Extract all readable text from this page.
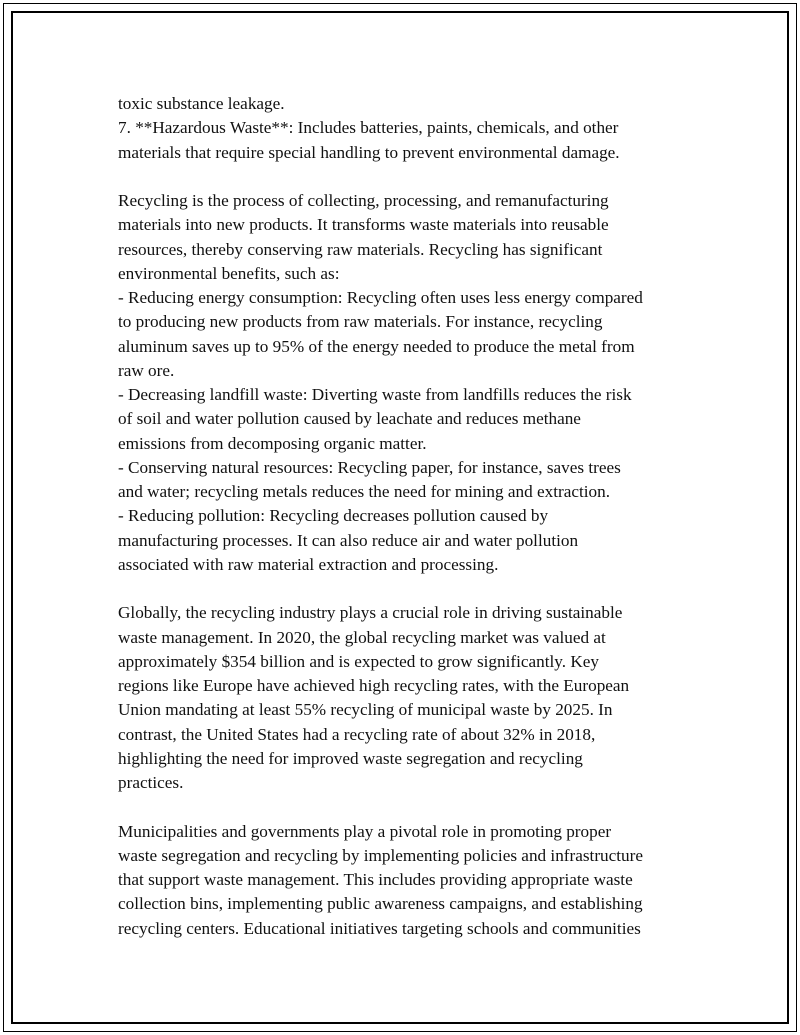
toxic substance leakage.
7. **Hazardous Waste**: Includes batteries, paints, chemicals, and other
materials that require special handling to prevent environmental damage.
Recycling is the process of collecting, processing, and remanufacturing
materials into new products. It transforms waste materials into reusable
resources, thereby conserving raw materials. Recycling has significant
environmental benefits, such as:
- Reducing energy consumption: Recycling often uses less energy compared
to producing new products from raw materials. For instance, recycling
aluminum saves up to 95% of the energy needed to produce the metal from
raw ore.
- Decreasing landfill waste: Diverting waste from landfills reduces the risk
of soil and water pollution caused by leachate and reduces methane
emissions from decomposing organic matter.
- Conserving natural resources: Recycling paper, for instance, saves trees
and water; recycling metals reduces the need for mining and extraction.
- Reducing pollution: Recycling decreases pollution caused by
manufacturing processes. It can also reduce air and water pollution
associated with raw material extraction and processing.
Globally, the recycling industry plays a crucial role in driving sustainable
waste management. In 2020, the global recycling market was valued at
approximately $354 billion and is expected to grow significantly. Key
regions like Europe have achieved high recycling rates, with the European
Union mandating at least 55% recycling of municipal waste by 2025. In
contrast, the United States had a recycling rate of about 32% in 2018,
highlighting the need for improved waste segregation and recycling
practices.
Municipalities and governments play a pivotal role in promoting proper
waste segregation and recycling by implementing policies and infrastructure
that support waste management. This includes providing appropriate waste
collection bins, implementing public awareness campaigns, and establishing
recycling centers. Educational initiatives targeting schools and communities
